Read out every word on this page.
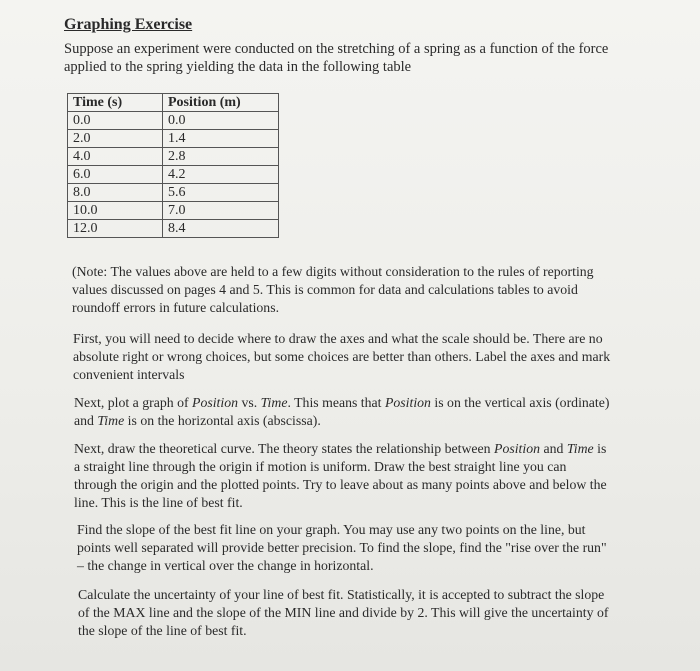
Graphing Exercise
Suppose an experiment were conducted on the stretching of a spring as a function of the force applied to the spring yielding the data in the following table
Time (s)	Position (m)
0.0	0.0
2.0	1.4
4.0	2.8
6.0	4.2
8.0	5.6
10.0	7.0
12.0	8.4
(Note: The values above are held to a few digits without consideration to the rules of reporting
values discussed on pages 4 and 5. This is common for data and calculations tables to avoid
roundoff errors in future calculations.
First, you will need to decide where to draw the axes and what the scale should be. There are no
absolute right or wrong choices, but some choices are better than others. Label the axes and mark
convenient intervals
Next, plot a graph of Position vs. Time. This means that Position is on the vertical axis (ordinate)
and Time is on the horizontal axis (abscissa).
Next, draw the theoretical curve. The theory states the relationship between Position and Time is
a straight line through the origin if motion is uniform. Draw the best straight line you can
through the origin and the plotted points. Try to leave about as many points above and below the
line. This is the line of best fit.
Find the slope of the best fit line on your graph. You may use any two points on the line, but
points well separated will provide better precision. To find the slope, find the "rise over the run"
– the change in vertical over the change in horizontal.
Calculate the uncertainty of your line of best fit. Statistically, it is accepted to subtract the slope
of the MAX line and the slope of the MIN line and divide by 2. This will give the uncertainty of
the slope of the line of best fit.
